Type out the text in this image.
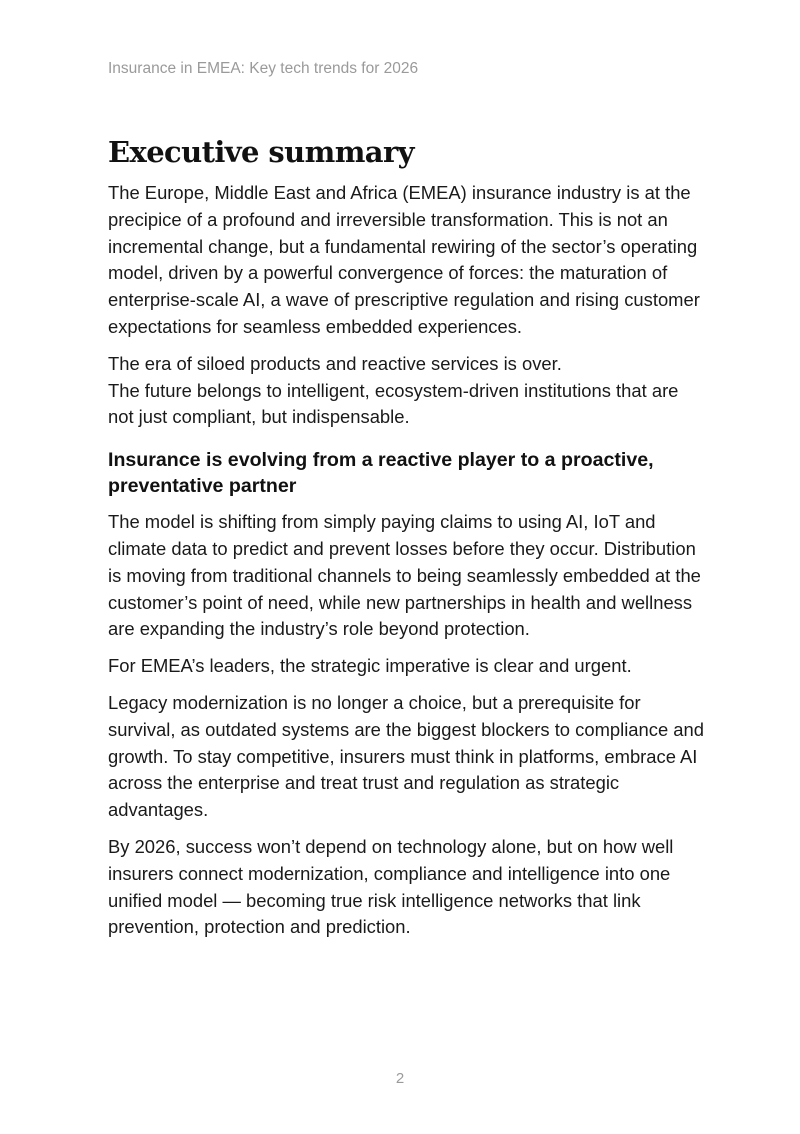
Insurance in EMEA: Key tech trends for 2026
Executive summary

The Europe, Middle East and Africa (EMEA) insurance industry is at the precipice of a profound and irreversible transformation. This is not an incremental change, but a fundamental rewiring of the sector’s operating model, driven by a powerful convergence of forces: the maturation of enterprise-scale AI, a wave of prescriptive regulation and rising customer expectations for seamless embedded experiences.

The era of siloed products and reactive services is over.
The future belongs to intelligent, ecosystem-driven institutions that are not just compliant, but indispensable.

Insurance is evolving from a reactive player to a proactive, preventative partner

The model is shifting from simply paying claims to using AI, IoT and climate data to predict and prevent losses before they occur. Distribution is moving from traditional channels to being seamlessly embedded at the customer’s point of need, while new partnerships in health and wellness are expanding the industry’s role beyond protection.

For EMEA’s leaders, the strategic imperative is clear and urgent.

Legacy modernization is no longer a choice, but a prerequisite for survival, as outdated systems are the biggest blockers to compliance and growth. To stay competitive, insurers must think in platforms, embrace AI across the enterprise and treat trust and regulation as strategic advantages.

By 2026, success won’t depend on technology alone, but on how well insurers connect modernization, compliance and intelligence into one unified model — becoming true risk intelligence networks that link prevention, protection and prediction.

2
